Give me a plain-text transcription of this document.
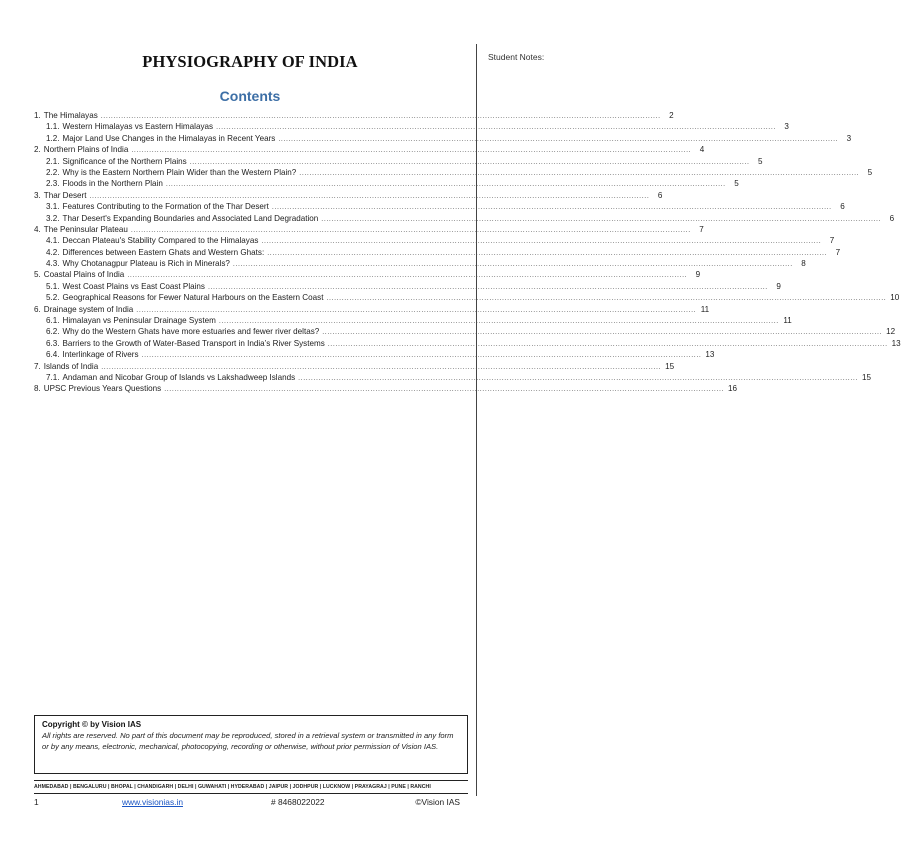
PHYSIOGRAPHY OF INDIA
Contents
Student Notes:
1. The Himalayas ............................................................................................................................................................................................................................	2
1.1. Western Himalayas vs Eastern Himalayas ............................................................................................................................................................................................................................	3
1.2. Major Land Use Changes in the Himalayas in Recent Years ............................................................................................................................................................................................................................	3
2. Northern Plains of India ............................................................................................................................................................................................................................	4
2.1. Significance of the Northern Plains ............................................................................................................................................................................................................................	5
2.2. Why is the Eastern Northern Plain Wider than the Western Plain? ............................................................................................................................................................................................................................	5
2.3. Floods in the Northern Plain ............................................................................................................................................................................................................................	5
3. Thar Desert ............................................................................................................................................................................................................................	6
3.1. Features Contributing to the Formation of the Thar Desert ............................................................................................................................................................................................................................	6
3.2. Thar Desert's Expanding Boundaries and Associated Land Degradation ............................................................................................................................................................................................................................	6
4. The Peninsular Plateau ............................................................................................................................................................................................................................	7
4.1. Deccan Plateau's Stability Compared to the Himalayas ............................................................................................................................................................................................................................	7
4.2. Differences between Eastern Ghats and Western Ghats: ............................................................................................................................................................................................................................	7
4.3. Why Chotanagpur Plateau is Rich in Minerals? ............................................................................................................................................................................................................................	8
5. Coastal Plains of India ............................................................................................................................................................................................................................	9
5.1. West Coast Plains vs East Coast Plains ............................................................................................................................................................................................................................	9
5.2. Geographical Reasons for Fewer Natural Harbours on the Eastern Coast ............................................................................................................................................................................................................................ 10
6. Drainage system of India ............................................................................................................................................................................................................................ 11
6.1. Himalayan vs Peninsular Drainage System ............................................................................................................................................................................................................................ 11
6.2. Why do the Western Ghats have more estuaries and fewer river deltas? ............................................................................................................................................................................................................................ 12
6.3. Barriers to the Growth of Water-Based Transport in India’s River Systems ............................................................................................................................................................................................................................ 13
6.4. Interlinkage of Rivers ............................................................................................................................................................................................................................ 13
7. Islands of India ............................................................................................................................................................................................................................ 15
7.1. Andaman and Nicobar Group of Islands vs Lakshadweep Islands ............................................................................................................................................................................................................................ 15
8. UPSC Previous Years Questions ............................................................................................................................................................................................................................ 16
Copyright © by Vision IAS
All rights are reserved. No part of this document may be reproduced, stored in a retrieval system or transmitted in any form or by any means, electronic, mechanical, photocopying, recording or otherwise, without prior permission of Vision IAS.
AHMEDABAD | BENGALURU | BHOPAL | CHANDIGARH | DELHI | GUWAHATI | HYDERABAD | JAIPUR | JODHPUR | LUCKNOW | PRAYAGRAJ | PUNE | RANCHI
1	www.visionias.in	# 8468022022	©Vision IAS
